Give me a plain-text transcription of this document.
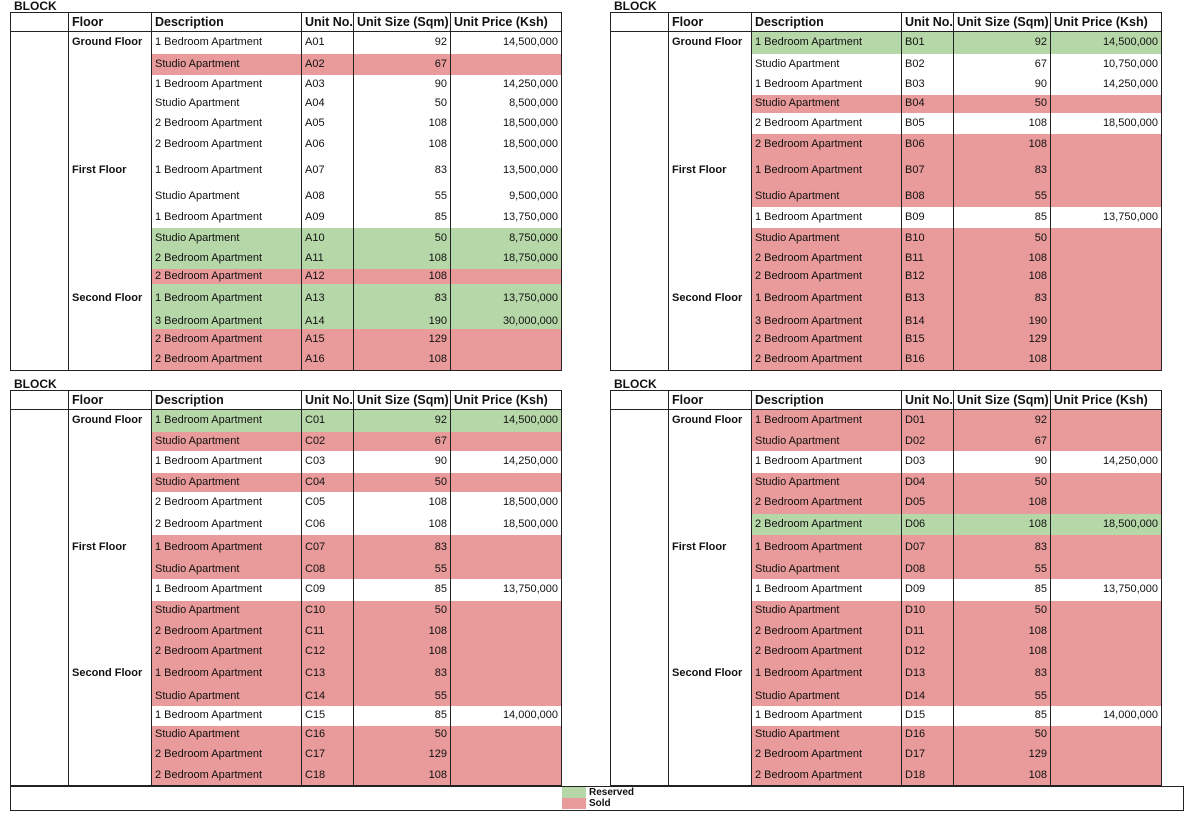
BLOCK
	Floor	Description	Unit No.	Unit Size (Sqm)	Unit Price (Ksh)
	Ground Floor	1 Bedroom Apartment	A01	92	14,500,000
		Studio Apartment	A02	67	
		1 Bedroom Apartment	A03	90	14,250,000
		Studio Apartment	A04	50	8,500,000
		2 Bedroom Apartment	A05	108	18,500,000
		2 Bedroom Apartment	A06	108	18,500,000
	First Floor	1 Bedroom Apartment	A07	83	13,500,000
		Studio Apartment	A08	55	9,500,000
		1 Bedroom Apartment	A09	85	13,750,000
		Studio Apartment	A10	50	8,750,000
		2 Bedroom Apartment	A11	108	18,750,000
		2 Bedroom Apartment	A12	108	
	Second Floor	1 Bedroom Apartment	A13	83	13,750,000
		3 Bedroom Apartment	A14	190	30,000,000
		2 Bedroom Apartment	A15	129	
		2 Bedroom Apartment	A16	108	
BLOCK
	Floor	Description	Unit No.	Unit Size (Sqm)	Unit Price (Ksh)
	Ground Floor	1 Bedroom Apartment	B01	92	14,500,000
		Studio Apartment	B02	67	10,750,000
		1 Bedroom Apartment	B03	90	14,250,000
		Studio Apartment	B04	50	
		2 Bedroom Apartment	B05	108	18,500,000
		2 Bedroom Apartment	B06	108	
	First Floor	1 Bedroom Apartment	B07	83	
		Studio Apartment	B08	55	
		1 Bedroom Apartment	B09	85	13,750,000
		Studio Apartment	B10	50	
		2 Bedroom Apartment	B11	108	
		2 Bedroom Apartment	B12	108	
	Second Floor	1 Bedroom Apartment	B13	83	
		3 Bedroom Apartment	B14	190	
		2 Bedroom Apartment	B15	129	
		2 Bedroom Apartment	B16	108	
BLOCK
	Floor	Description	Unit No.	Unit Size (Sqm)	Unit Price (Ksh)
	Ground Floor	1 Bedroom Apartment	C01	92	14,500,000
		Studio Apartment	C02	67	
		1 Bedroom Apartment	C03	90	14,250,000
		Studio Apartment	C04	50	
		2 Bedroom Apartment	C05	108	18,500,000
		2 Bedroom Apartment	C06	108	18,500,000
	First Floor	1 Bedroom Apartment	C07	83	
		Studio Apartment	C08	55	
		1 Bedroom Apartment	C09	85	13,750,000
		Studio Apartment	C10	50	
		2 Bedroom Apartment	C11	108	
		2 Bedroom Apartment	C12	108	
	Second Floor	1 Bedroom Apartment	C13	83	
		Studio Apartment	C14	55	
		1 Bedroom Apartment	C15	85	14,000,000
		Studio Apartment	C16	50	
		2 Bedroom Apartment	C17	129	
		2 Bedroom Apartment	C18	108	
BLOCK
	Floor	Description	Unit No.	Unit Size (Sqm)	Unit Price (Ksh)
	Ground Floor	1 Bedroom Apartment	D01	92	
		Studio Apartment	D02	67	
		1 Bedroom Apartment	D03	90	14,250,000
		Studio Apartment	D04	50	
		2 Bedroom Apartment	D05	108	
		2 Bedroom Apartment	D06	108	18,500,000
	First Floor	1 Bedroom Apartment	D07	83	
		Studio Apartment	D08	55	
		1 Bedroom Apartment	D09	85	13,750,000
		Studio Apartment	D10	50	
		2 Bedroom Apartment	D11	108	
		2 Bedroom Apartment	D12	108	
	Second Floor	1 Bedroom Apartment	D13	83	
		Studio Apartment	D14	55	
		1 Bedroom Apartment	D15	85	14,000,000
		Studio Apartment	D16	50	
		2 Bedroom Apartment	D17	129	
		2 Bedroom Apartment	D18	108	
Reserved
Sold
